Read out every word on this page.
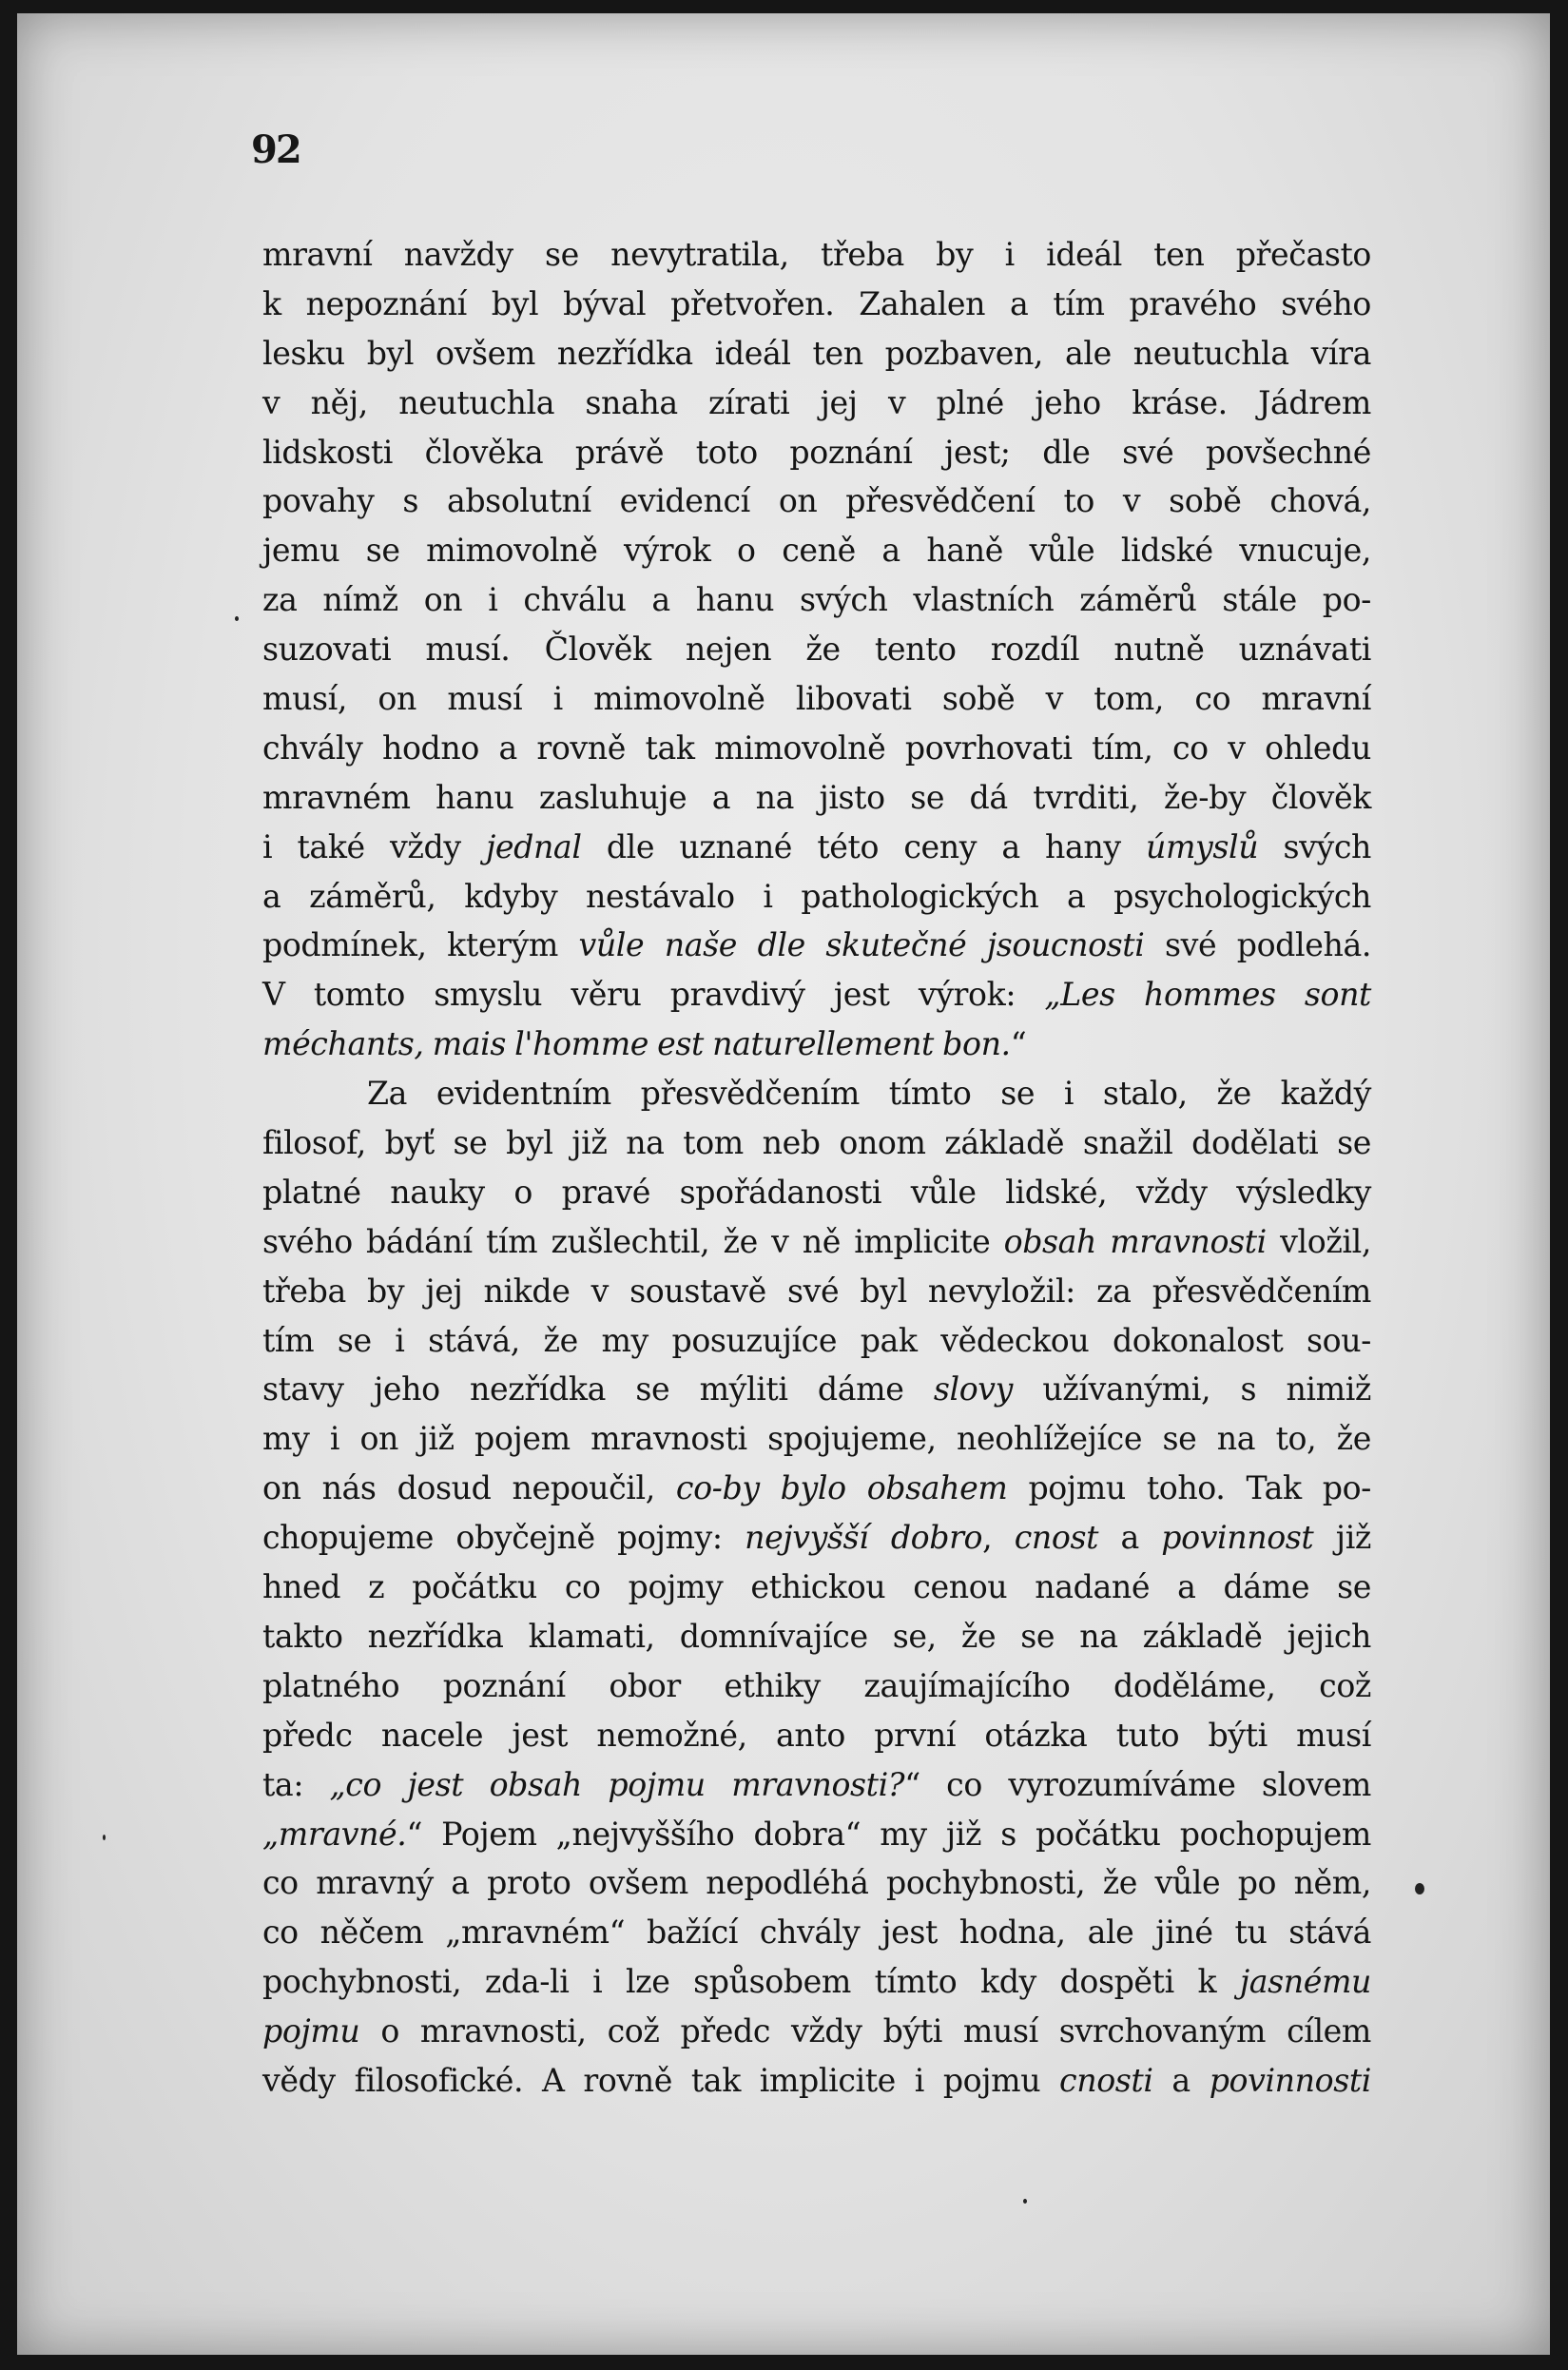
92
mravní navždy se nevytratila, třeba by i ideál ten přečasto
k nepoznání byl býval přetvořen. Zahalen a tím pravého svého
lesku byl ovšem nezřídka ideál ten pozbaven, ale neutuchla víra
v něj, neutuchla snaha zírati jej v plné jeho kráse. Jádrem
lidskosti člověka právě toto poznání jest; dle své povšechné
povahy s absolutní evidencí on přesvědčení to v sobě chová,
jemu se mimovolně výrok o ceně a haně vůle lidské vnucuje,
za nímž on i chválu a hanu svých vlastních záměrů stále po-
suzovati musí. Člověk nejen že tento rozdíl nutně uznávati
musí, on musí i mimovolně libovati sobě v tom, co mravní
chvály hodno a rovně tak mimovolně povrhovati tím, co v ohledu
mravném hanu zasluhuje a na jisto se dá tvrditi, že-by člověk
i také vždy jednal dle uznané této ceny a hany úmyslů svých
a záměrů, kdyby nestávalo i pathologických a psychologických
podmínek, kterým vůle naše dle skutečné jsoucnosti své podlehá.
V tomto smyslu věru pravdivý jest výrok: „Les hommes sont
méchants, mais l'homme est naturellement bon.“
Za evidentním přesvědčením tímto se i stalo, že každý
filosof, byť se byl již na tom neb onom základě snažil dodělati se
platné nauky o pravé spořádanosti vůle lidské, vždy výsledky
svého bádání tím zušlechtil, že v ně implicite obsah mravnosti vložil,
třeba by jej nikde v soustavě své byl nevyložil: za přesvědčením
tím se i stává, že my posuzujíce pak vědeckou dokonalost sou-
stavy jeho nezřídka se mýliti dáme slovy užívanými, s nimiž
my i on již pojem mravnosti spojujeme, neohlížejíce se na to, že
on nás dosud nepoučil, co-by bylo obsahem pojmu toho. Tak po-
chopujeme obyčejně pojmy: nejvyšší dobro, cnost a povinnost již
hned z počátku co pojmy ethickou cenou nadané a dáme se
takto nezřídka klamati, domnívajíce se, že se na základě jejich
platného poznání obor ethiky zaujímajícího doděláme, což
předc nacele jest nemožné, anto první otázka tuto býti musí
ta: „co jest obsah pojmu mravnosti?“ co vyrozumíváme slovem
„mravné.“ Pojem „nejvyššího dobra“ my již s počátku pochopujem
co mravný a proto ovšem nepodléhá pochybnosti, že vůle po něm,
co něčem „mravném“ bažící chvály jest hodna, ale jiné tu stává
pochybnosti, zda-li i lze spůsobem tímto kdy dospěti k jasnému
pojmu o mravnosti, což předc vždy býti musí svrchovaným cílem
vědy filosofické. A rovně tak implicite i pojmu cnosti a povinnosti
